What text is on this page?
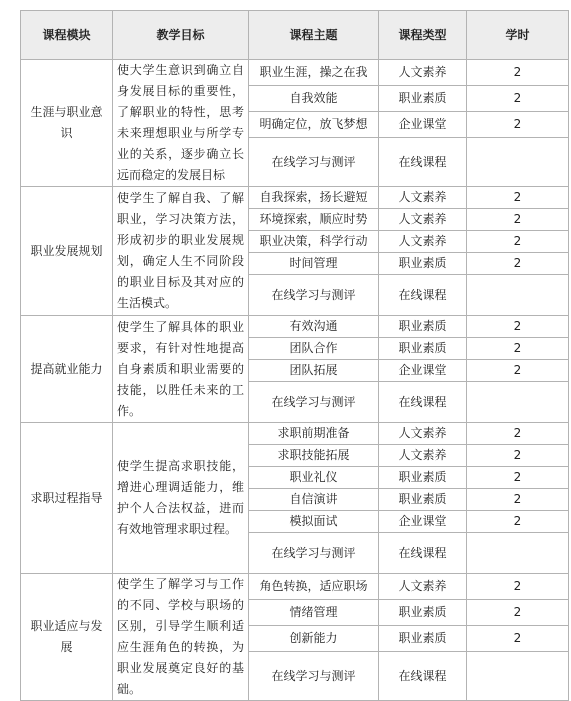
课程模块	教学目标	课程主题	课程类型	学时
生涯与职业意识	使大学生意识到确立自身发展目标的重要性，了解职业的特性，思考未来理想职业与所学专业的关系，逐步确立长远而稳定的发展目标	职业生涯，操之在我	人文素养	2
		自我效能	职业素质	2
		明确定位，放飞梦想	企业课堂	2
		在线学习与测评	在线课程	
职业发展规划	使学生了解自我、了解职业，学习决策方法，形成初步的职业发展规划，确定人生不同阶段的职业目标及其对应的生活模式。	自我探索，扬长避短	人文素养	2
		环境探索，顺应时势	人文素养	2
		职业决策，科学行动	人文素养	2
		时间管理	职业素质	2
		在线学习与测评	在线课程	
提高就业能力	使学生了解具体的职业要求，有针对性地提高自身素质和职业需要的技能，以胜任未来的工作。	有效沟通	职业素质	2
		团队合作	职业素质	2
		团队拓展	企业课堂	2
		在线学习与测评	在线课程	
求职过程指导	使学生提高求职技能，增进心理调适能力，维护个人合法权益，进而有效地管理求职过程。	求职前期准备	人文素养	2
		求职技能拓展	人文素养	2
		职业礼仪	职业素质	2
		自信演讲	职业素质	2
		模拟面试	企业课堂	2
		在线学习与测评	在线课程	
职业适应与发展	使学生了解学习与工作的不同、学校与职场的区别，引导学生顺利适应生涯角色的转换，为职业发展奠定良好的基础。	角色转换，适应职场	人文素养	2
		情绪管理	职业素质	2
		创新能力	职业素质	2
		在线学习与测评	在线课程	
